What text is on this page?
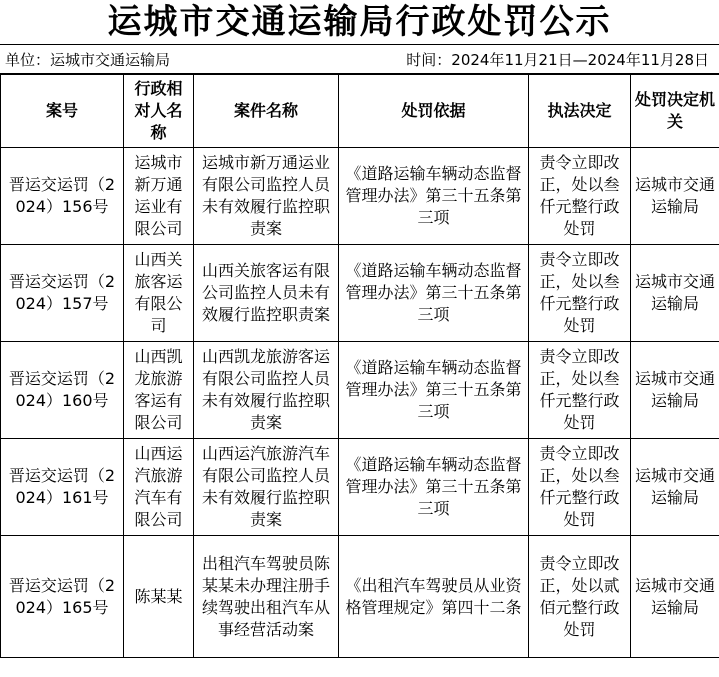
运城市交通运输局行政处罚公示
单位：运城市交通运输局	时间：2024年11月21日—2024年11月28日
案号	行政相对人名称	案件名称	处罚依据	执法决定	处罚决定机关
晋运交运罚（2024）156号	运城市新万通运业有限公司	运城市新万通运业有限公司监控人员未有效履行监控职责案	《道路运输车辆动态监督管理办法》第三十五条第三项	责令立即改正，处以叁仟元整行政处罚	运城市交通运输局
晋运交运罚（2024）157号	山西关旅客运有限公司	山西关旅客运有限公司监控人员未有效履行监控职责案	《道路运输车辆动态监督管理办法》第三十五条第三项	责令立即改正，处以叁仟元整行政处罚	运城市交通运输局
晋运交运罚（2024）160号	山西凯龙旅游客运有限公司	山西凯龙旅游客运有限公司监控人员未有效履行监控职责案	《道路运输车辆动态监督管理办法》第三十五条第三项	责令立即改正，处以叁仟元整行政处罚	运城市交通运输局
晋运交运罚（2024）161号	山西运汽旅游汽车有限公司	山西运汽旅游汽车有限公司监控人员未有效履行监控职责案	《道路运输车辆动态监督管理办法》第三十五条第三项	责令立即改正，处以叁仟元整行政处罚	运城市交通运输局
晋运交运罚（2024）165号	陈某某	出租汽车驾驶员陈某某未办理注册手续驾驶出租汽车从事经营活动案	《出租汽车驾驶员从业资格管理规定》第四十二条	责令立即改正，处以贰佰元整行政处罚	运城市交通运输局
